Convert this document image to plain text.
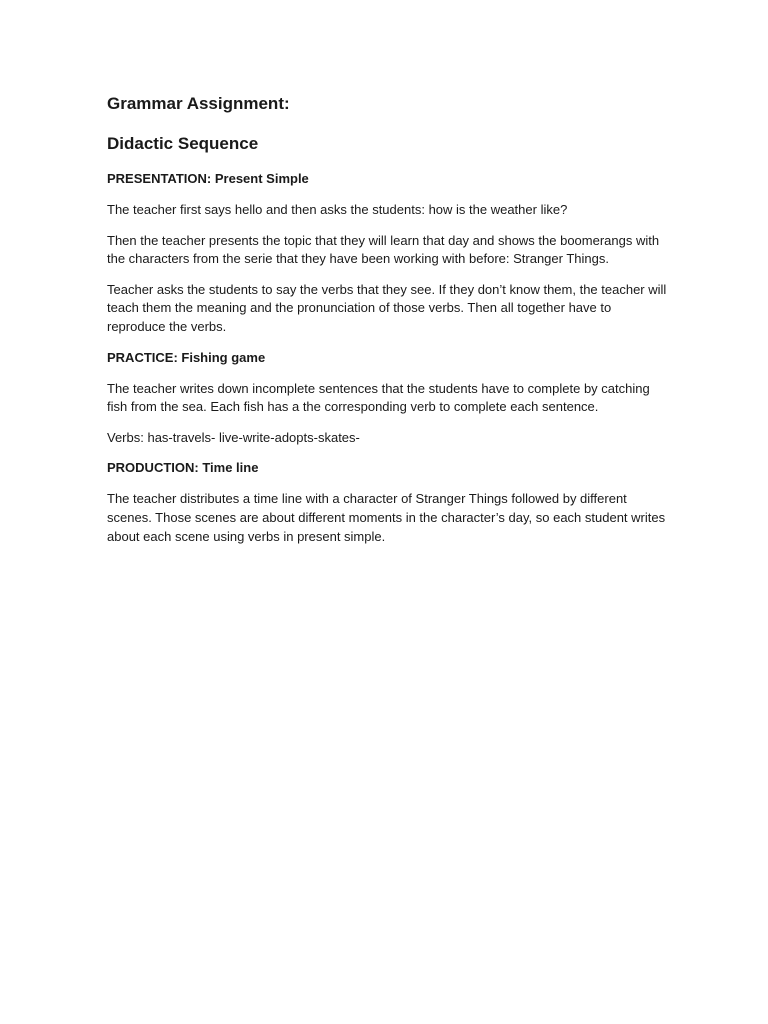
Grammar Assignment:
Didactic Sequence
PRESENTATION: Present Simple

The teacher first says hello and then asks the students: how is the weather like?

Then the teacher presents the topic that they will learn that day and shows the boomerangs with the characters from the serie that they have been working with before: Stranger Things.

Teacher asks the students to say the verbs that they see. If they don’t know them, the teacher will teach them the meaning and the pronunciation of those verbs. Then all together have to reproduce the verbs.

PRACTICE: Fishing game

The teacher writes down incomplete sentences that the students have to complete by catching fish from the sea. Each fish has a the corresponding verb to complete each sentence.

Verbs: has-travels- live-write-adopts-skates-

PRODUCTION: Time line

The teacher distributes a time line with a character of Stranger Things followed by different scenes. Those scenes are about different moments in the character’s day, so each student writes about each scene using verbs in present simple.
